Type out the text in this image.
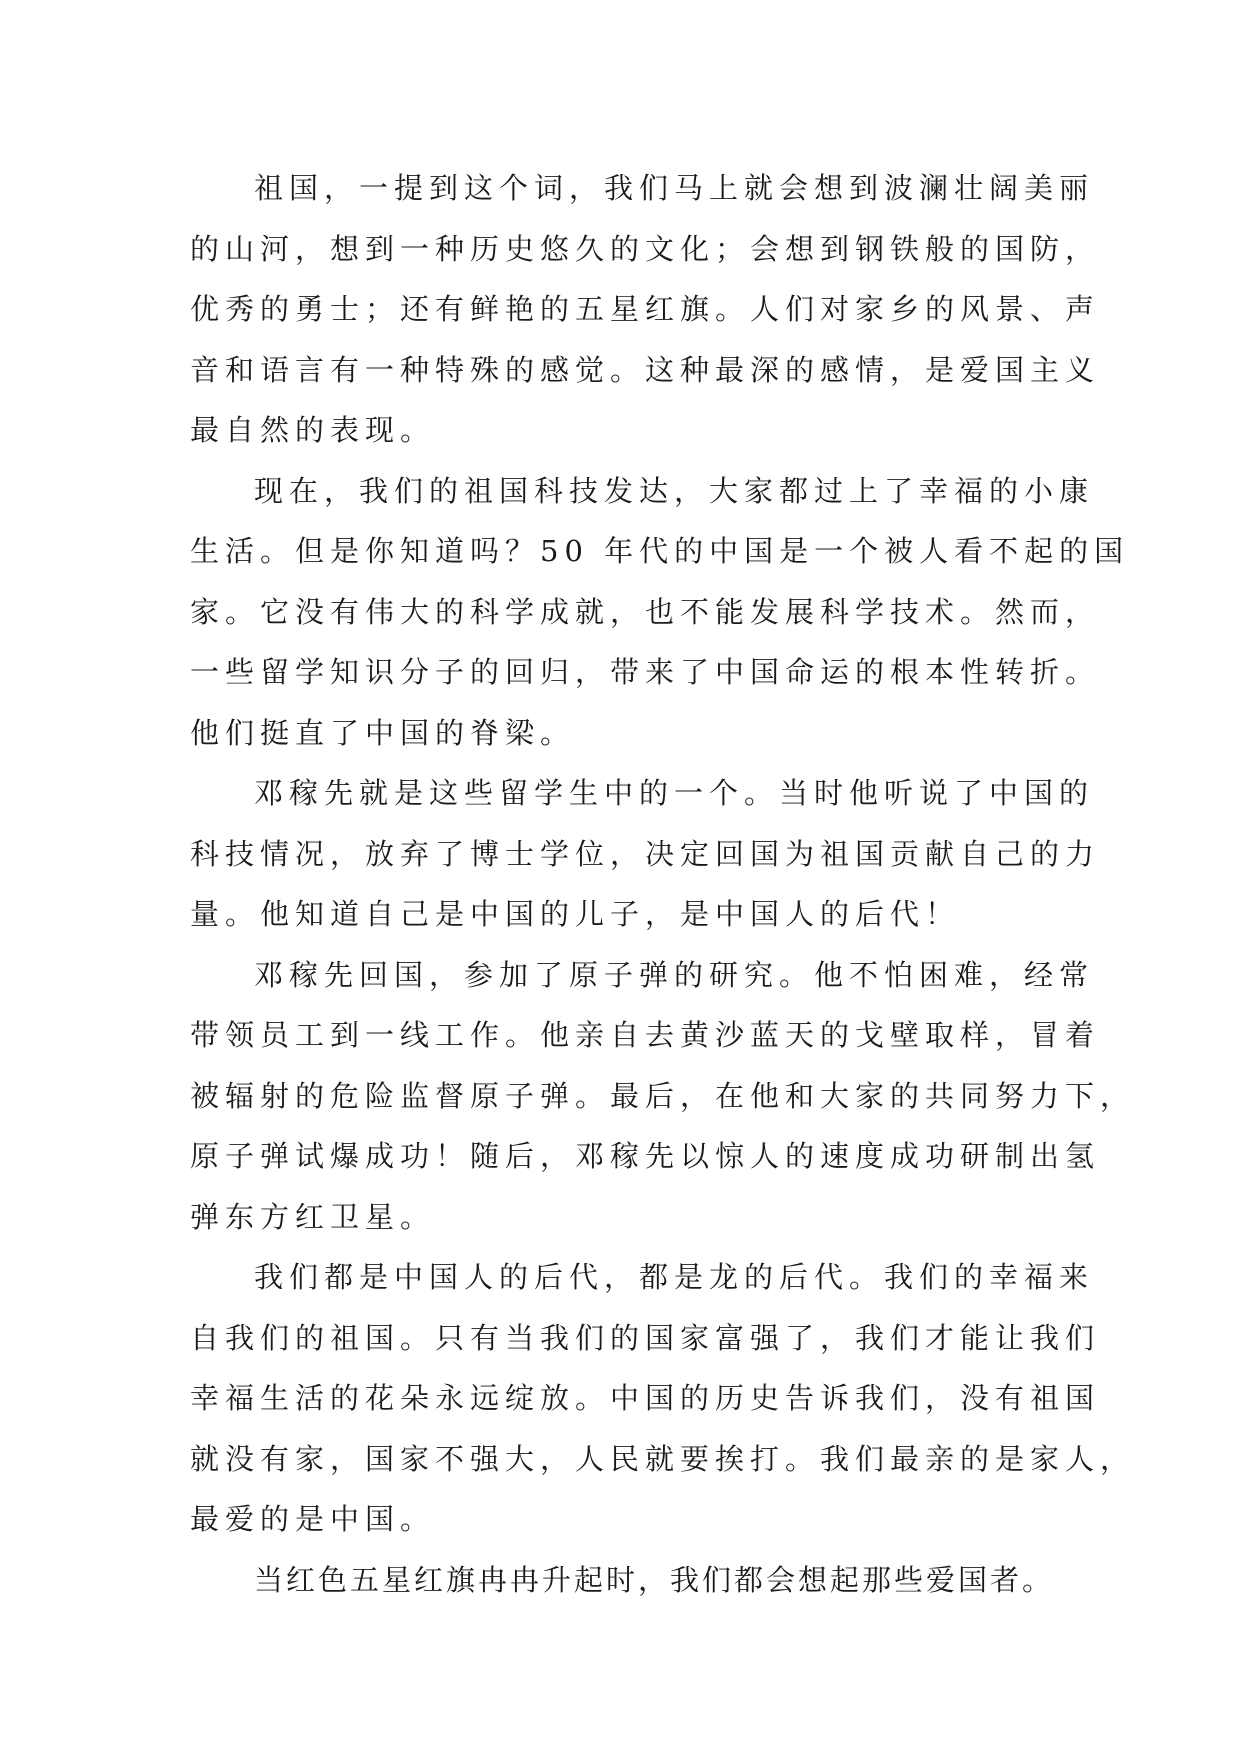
祖国，一提到这个词，我们马上就会想到波澜壮阔美丽
的山河，想到一种历史悠久的文化；会想到钢铁般的国防，
优秀的勇士；还有鲜艳的五星红旗。人们对家乡的风景、声
音和语言有一种特殊的感觉。这种最深的感情，是爱国主义
最自然的表现。

现在，我们的祖国科技发达，大家都过上了幸福的小康
生活。但是你知道吗？50 年代的中国是一个被人看不起的国
家。它没有伟大的科学成就，也不能发展科学技术。然而，
一些留学知识分子的回归，带来了中国命运的根本性转折。
他们挺直了中国的脊梁。

邓稼先就是这些留学生中的一个。当时他听说了中国的
科技情况，放弃了博士学位，决定回国为祖国贡献自己的力
量。他知道自己是中国的儿子，是中国人的后代！

邓稼先回国，参加了原子弹的研究。他不怕困难，经常
带领员工到一线工作。他亲自去黄沙蓝天的戈壁取样，冒着
被辐射的危险监督原子弹。最后，在他和大家的共同努力下，
原子弹试爆成功！随后，邓稼先以惊人的速度成功研制出氢
弹东方红卫星。

我们都是中国人的后代，都是龙的后代。我们的幸福来
自我们的祖国。只有当我们的国家富强了，我们才能让我们
幸福生活的花朵永远绽放。中国的历史告诉我们，没有祖国
就没有家，国家不强大，人民就要挨打。我们最亲的是家人，
最爱的是中国。

当红色五星红旗冉冉升起时，我们都会想起那些爱国者。
